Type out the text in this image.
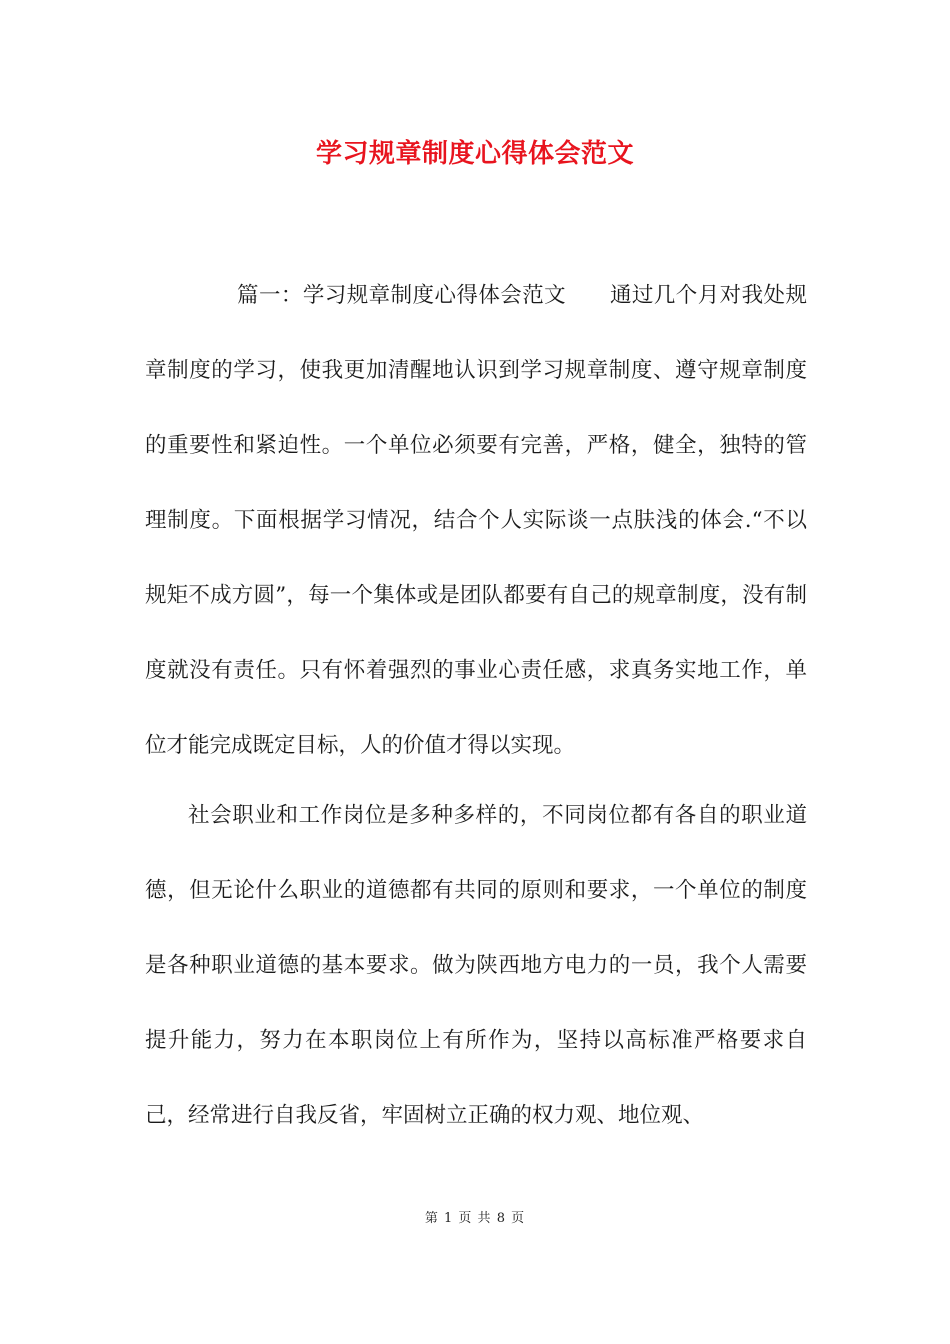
学习规章制度心得体会范文

篇一：学习规章制度心得体会范文　　通过几个月对我处规章制度的学习，使我更加清醒地认识到学习规章制度、遵守规章制度的重要性和紧迫性。一个单位必须要有完善，严格，健全，独特的管理制度。下面根据学习情况，结合个人实际谈一点肤浅的体会.“不以规矩不成方圆”，每一个集体或是团队都要有自己的规章制度，没有制度就没有责任。只有怀着强烈的事业心责任感，求真务实地工作，单位才能完成既定目标，人的价值才得以实现。

社会职业和工作岗位是多种多样的，不同岗位都有各自的职业道德，但无论什么职业的道德都有共同的原则和要求，一个单位的制度是各种职业道德的基本要求。做为陕西地方电力的一员，我个人需要提升能力，努力在本职岗位上有所作为，坚持以高标准严格要求自己，经常进行自我反省，牢固树立正确的权力观、地位观、

第 1 页 共 8 页
